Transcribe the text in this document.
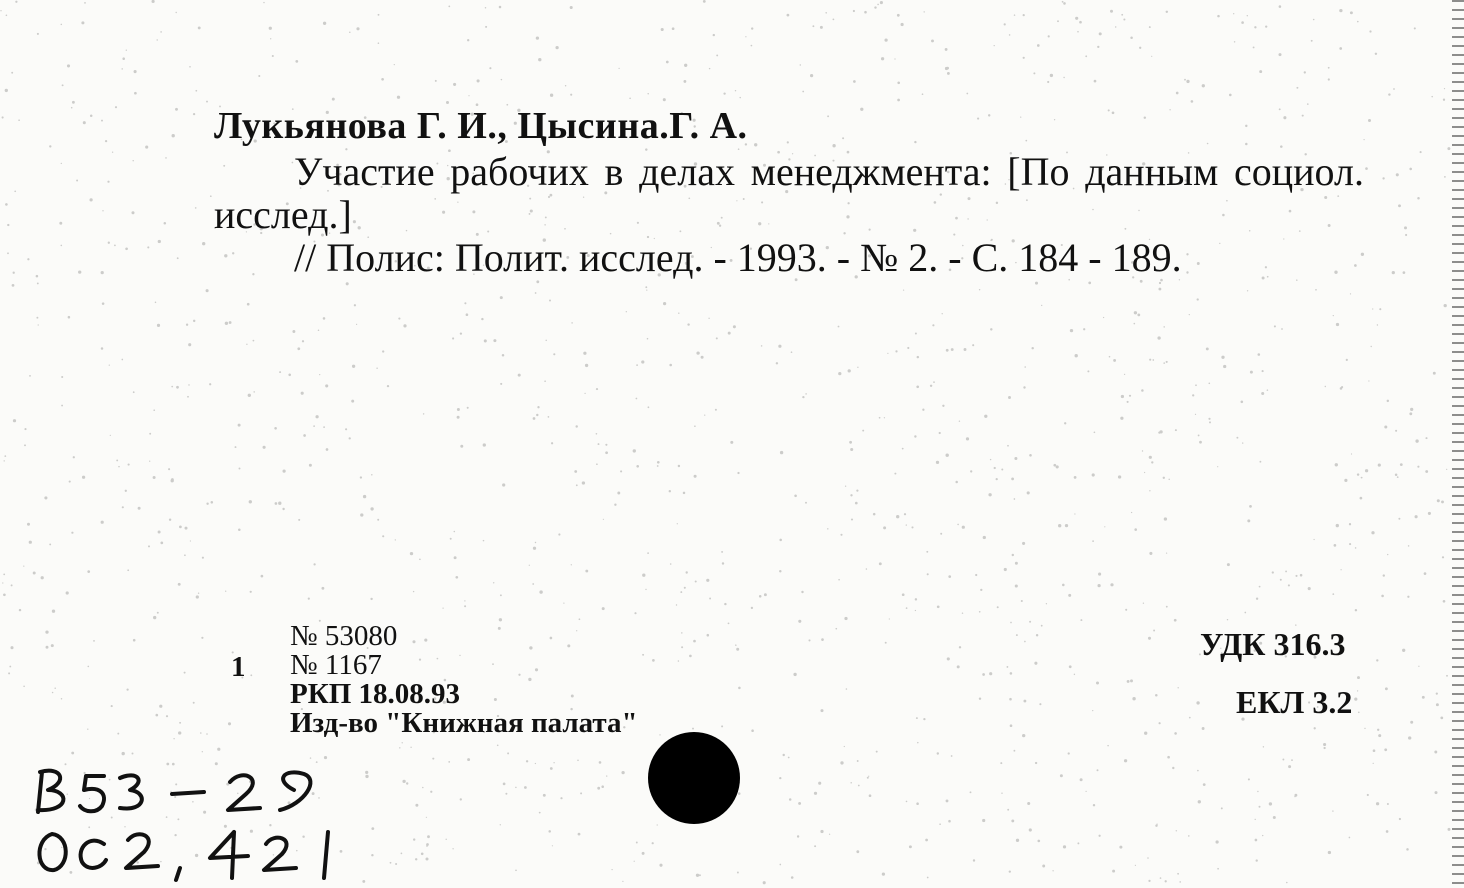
Лукьянова Г. И., Цысина.Г. А.

Участие рабочих в делах менеджмента: [По данным социол. исслед.]

// Полис: Полит. исслед. - 1993. - № 2. - С. 184 - 189.

1
№ 53080
№ 1167
РКП 18.08.93
Изд-во "Книжная палата"
УДК 316.3
ЕКЛ 3.2
